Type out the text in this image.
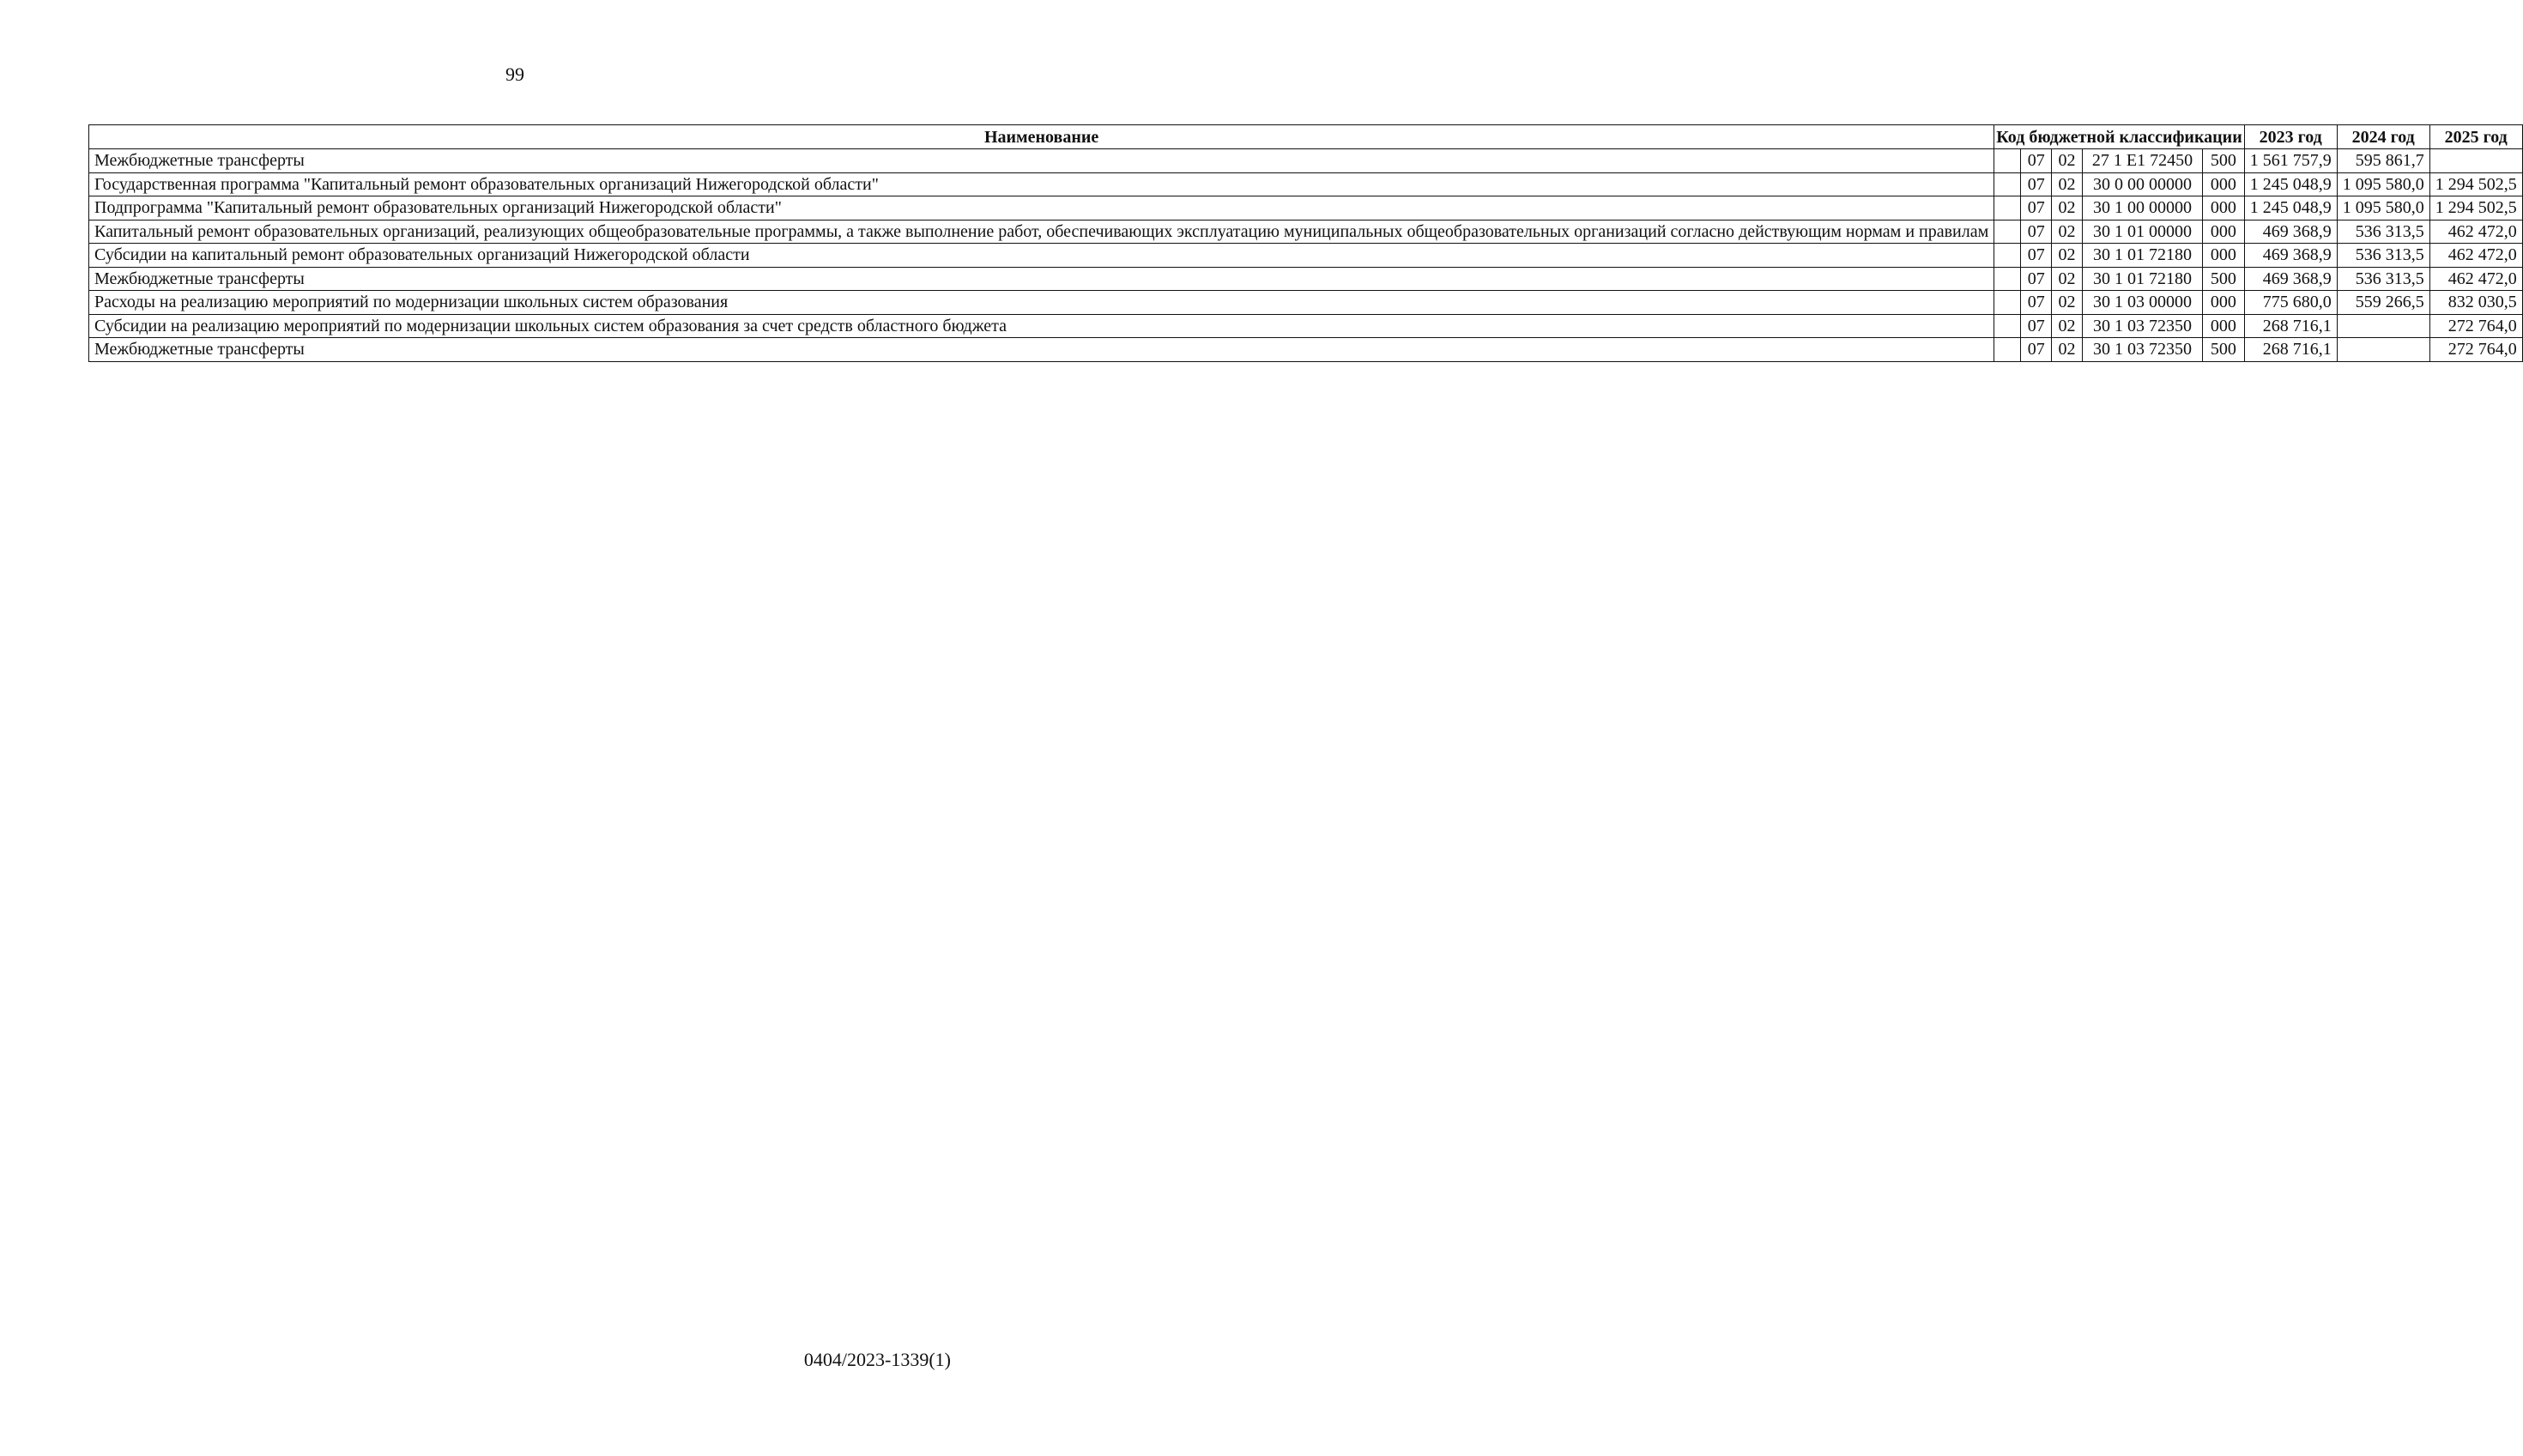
99
Наименование	Код бюджетной классификации					2023 год	2024 год	2025 год
Межбюджетные трансферты		07	02	27 1 E1 72450	500	1 561 757,9	595 861,7	
Государственная программа "Капитальный ремонт образовательных организаций Нижегородской области"		07	02	30 0 00 00000	000	1 245 048,9	1 095 580,0	1 294 502,5
Подпрограмма "Капитальный ремонт образовательных организаций Нижегородской области"		07	02	30 1 00 00000	000	1 245 048,9	1 095 580,0	1 294 502,5
Капитальный ремонт образовательных организаций, реализующих общеобразовательные программы, а также выполнение работ, обеспечивающих эксплуатацию муниципальных общеобразовательных организаций согласно действующим нормам и правилам		07	02	30 1 01 00000	000	469 368,9	536 313,5	462 472,0
Субсидии на капитальный ремонт образовательных организаций Нижегородской области		07	02	30 1 01 72180	000	469 368,9	536 313,5	462 472,0
Межбюджетные трансферты		07	02	30 1 01 72180	500	469 368,9	536 313,5	462 472,0
Расходы на реализацию мероприятий по модернизации школьных систем образования		07	02	30 1 03 00000	000	775 680,0	559 266,5	832 030,5
Субсидии на реализацию мероприятий по модернизации школьных систем образования за счет средств областного бюджета		07	02	30 1 03 72350	000	268 716,1		272 764,0
Межбюджетные трансферты		07	02	30 1 03 72350	500	268 716,1		272 764,0
0404/2023-1339(1)
